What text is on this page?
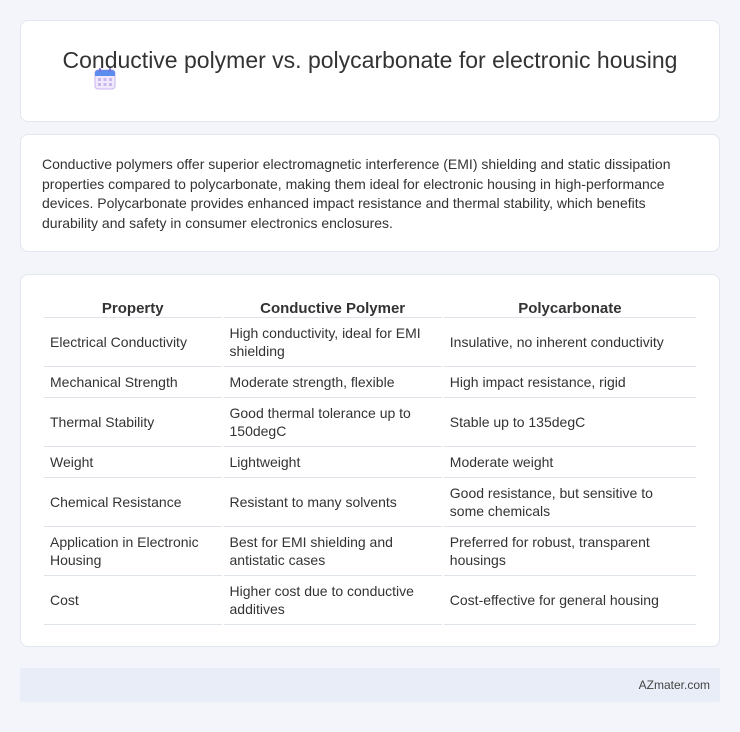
Conductive polymer vs. polycarbonate for electronic housing

Conductive polymers offer superior electromagnetic interference (EMI) shielding and static dissipation properties compared to polycarbonate, making them ideal for electronic housing in high-performance devices. Polycarbonate provides enhanced impact resistance and thermal stability, which benefits durability and safety in consumer electronics enclosures.

Property	Conductive Polymer	Polycarbonate
Electrical Conductivity	High conductivity, ideal for EMI shielding	Insulative, no inherent conductivity
Mechanical Strength	Moderate strength, flexible	High impact resistance, rigid
Thermal Stability	Good thermal tolerance up to 150degC	Stable up to 135degC
Weight	Lightweight	Moderate weight
Chemical Resistance	Resistant to many solvents	Good resistance, but sensitive to some chemicals
Application in Electronic Housing	Best for EMI shielding and antistatic cases	Preferred for robust, transparent housings
Cost	Higher cost due to conductive additives	Cost-effective for general housing
AZmater.com
